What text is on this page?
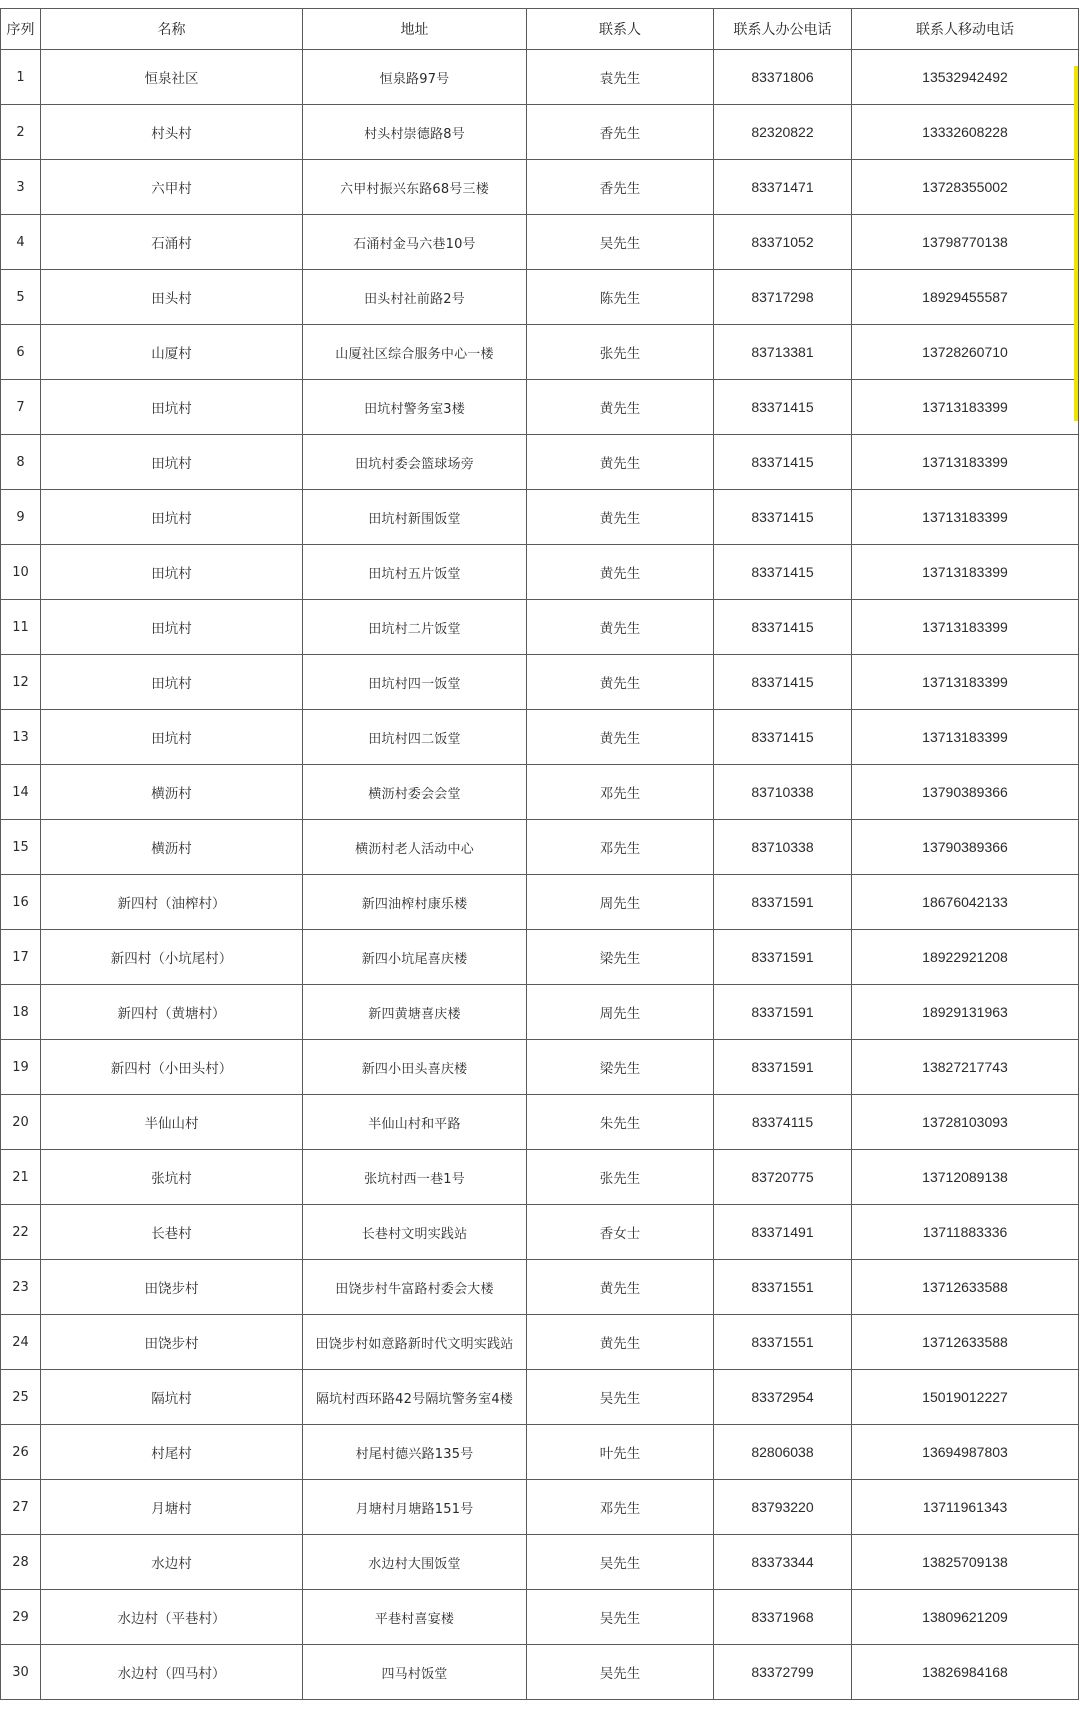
序列	名称	地址	联系人	联系人办公电话	联系人移动电话
1	恒泉社区	恒泉路97号	袁先生	83371806	13532942492
2	村头村	村头村崇德路8号	香先生	82320822	13332608228
3	六甲村	六甲村振兴东路68号三楼	香先生	83371471	13728355002
4	石涌村	石涌村金马六巷10号	吴先生	83371052	13798770138
5	田头村	田头村社前路2号	陈先生	83717298	18929455587
6	山厦村	山厦社区综合服务中心一楼	张先生	83713381	13728260710
7	田坑村	田坑村警务室3楼	黄先生	83371415	13713183399
8	田坑村	田坑村委会篮球场旁	黄先生	83371415	13713183399
9	田坑村	田坑村新围饭堂	黄先生	83371415	13713183399
10	田坑村	田坑村五片饭堂	黄先生	83371415	13713183399
11	田坑村	田坑村二片饭堂	黄先生	83371415	13713183399
12	田坑村	田坑村四一饭堂	黄先生	83371415	13713183399
13	田坑村	田坑村四二饭堂	黄先生	83371415	13713183399
14	横沥村	横沥村委会会堂	邓先生	83710338	13790389366
15	横沥村	横沥村老人活动中心	邓先生	83710338	13790389366
16	新四村（油榨村）	新四油榨村康乐楼	周先生	83371591	18676042133
17	新四村（小坑尾村）	新四小坑尾喜庆楼	梁先生	83371591	18922921208
18	新四村（黄塘村）	新四黄塘喜庆楼	周先生	83371591	18929131963
19	新四村（小田头村）	新四小田头喜庆楼	梁先生	83371591	13827217743
20	半仙山村	半仙山村和平路	朱先生	83374115	13728103093
21	张坑村	张坑村西一巷1号	张先生	83720775	13712089138
22	长巷村	长巷村文明实践站	香女士	83371491	13711883336
23	田饶步村	田饶步村牛富路村委会大楼	黄先生	83371551	13712633588
24	田饶步村	田饶步村如意路新时代文明实践站	黄先生	83371551	13712633588
25	隔坑村	隔坑村西环路42号隔坑警务室4楼	吴先生	83372954	15019012227
26	村尾村	村尾村德兴路135号	叶先生	82806038	13694987803
27	月塘村	月塘村月塘路151号	邓先生	83793220	13711961343
28	水边村	水边村大围饭堂	吴先生	83373344	13825709138
29	水边村（平巷村）	平巷村喜宴楼	吴先生	83371968	13809621209
30	水边村（四马村）	四马村饭堂	吴先生	83372799	13826984168
